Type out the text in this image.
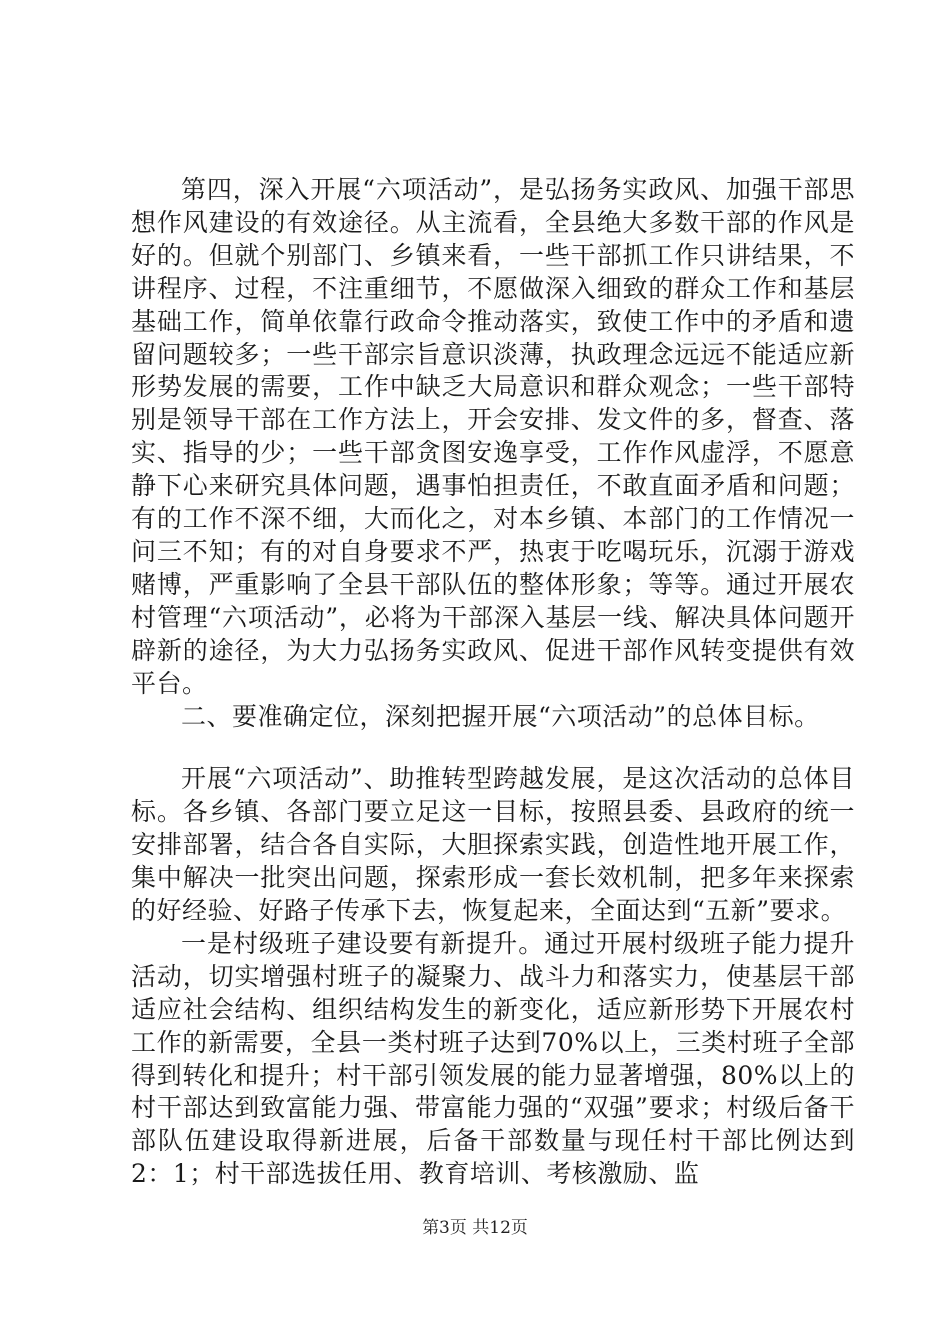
第四，深入开展“六项活动”，是弘扬务实政风、加强干部思想作风建设的有效途径。从主流看，全县绝大多数干部的作风是好的。但就个别部门、乡镇来看，一些干部抓工作只讲结果，不讲程序、过程，不注重细节，不愿做深入细致的群众工作和基层基础工作，简单依靠行政命令推动落实，致使工作中的矛盾和遗留问题较多；一些干部宗旨意识淡薄，执政理念远远不能适应新形势发展的需要，工作中缺乏大局意识和群众观念；一些干部特别是领导干部在工作方法上，开会安排、发文件的多，督查、落实、指导的少；一些干部贪图安逸享受，工作作风虚浮，不愿意静下心来研究具体问题，遇事怕担责任，不敢直面矛盾和问题；有的工作不深不细，大而化之，对本乡镇、本部门的工作情况一问三不知；有的对自身要求不严，热衷于吃喝玩乐，沉溺于游戏赌博，严重影响了全县干部队伍的整体形象；等等。通过开展农村管理“六项活动”，必将为干部深入基层一线、解决具体问题开辟新的途径，为大力弘扬务实政风、促进干部作风转变提供有效平台。

二、要准确定位，深刻把握开展“六项活动”的总体目标。

开展“六项活动”、助推转型跨越发展，是这次活动的总体目标。各乡镇、各部门要立足这一目标，按照县委、县政府的统一安排部署，结合各自实际，大胆探索实践，创造性地开展工作，集中解决一批突出问题，探索形成一套长效机制，把多年来探索的好经验、好路子传承下去，恢复起来，全面达到“五新”要求。

一是村级班子建设要有新提升。通过开展村级班子能力提升活动，切实增强村班子的凝聚力、战斗力和落实力，使基层干部适应社会结构、组织结构发生的新变化，适应新形势下开展农村工作的新需要，全县一类村班子达到70%以上，三类村班子全部得到转化和提升；村干部引领发展的能力显著增强，80%以上的村干部达到致富能力强、带富能力强的“双强”要求；村级后备干部队伍建设取得新进展，后备干部数量与现任村干部比例达到2：1；村干部选拔任用、教育培训、考核激励、监

第3页 共12页
